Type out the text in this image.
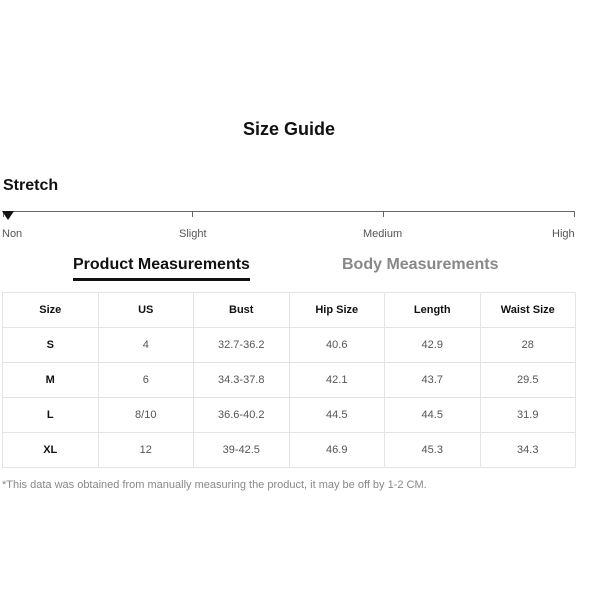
Size Guide
Stretch
Non	Slight	Medium	High
Product Measurements	Body Measurements
Size	US	Bust	Hip Size	Length	Waist Size
S	4	32.7-36.2	40.6	42.9	28
M	6	34.3-37.8	42.1	43.7	29.5
L	8/10	36.6-40.2	44.5	44.5	31.9
XL	12	39-42.5	46.9	45.3	34.3
*This data was obtained from manually measuring the product, it may be off by 1-2 CM.
